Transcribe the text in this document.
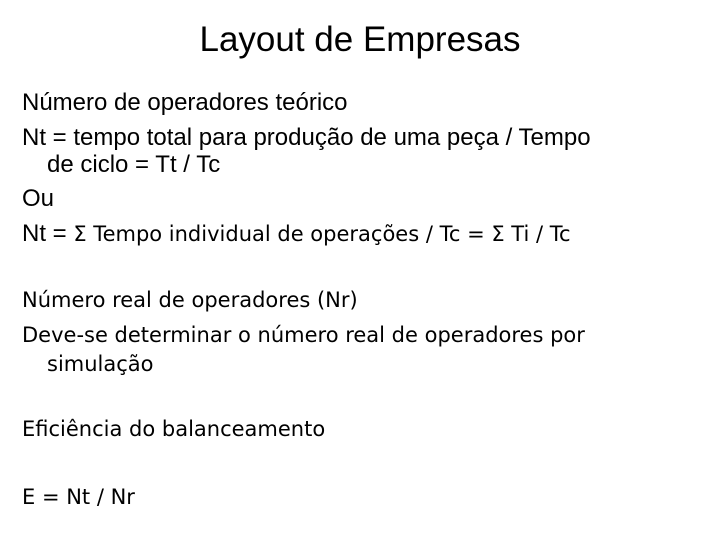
Layout de Empresas
Número de operadores teórico
Nt = tempo total para produção de uma peça / Tempo
de ciclo = Tt / Tc
Ou
Nt = Σ Tempo individual de operações / Tc = Σ Ti / Tc
Número real de operadores (Nr)
Deve-se determinar o número real de operadores por
simulação
Eficiência do balanceamento
E = Nt / Nr
